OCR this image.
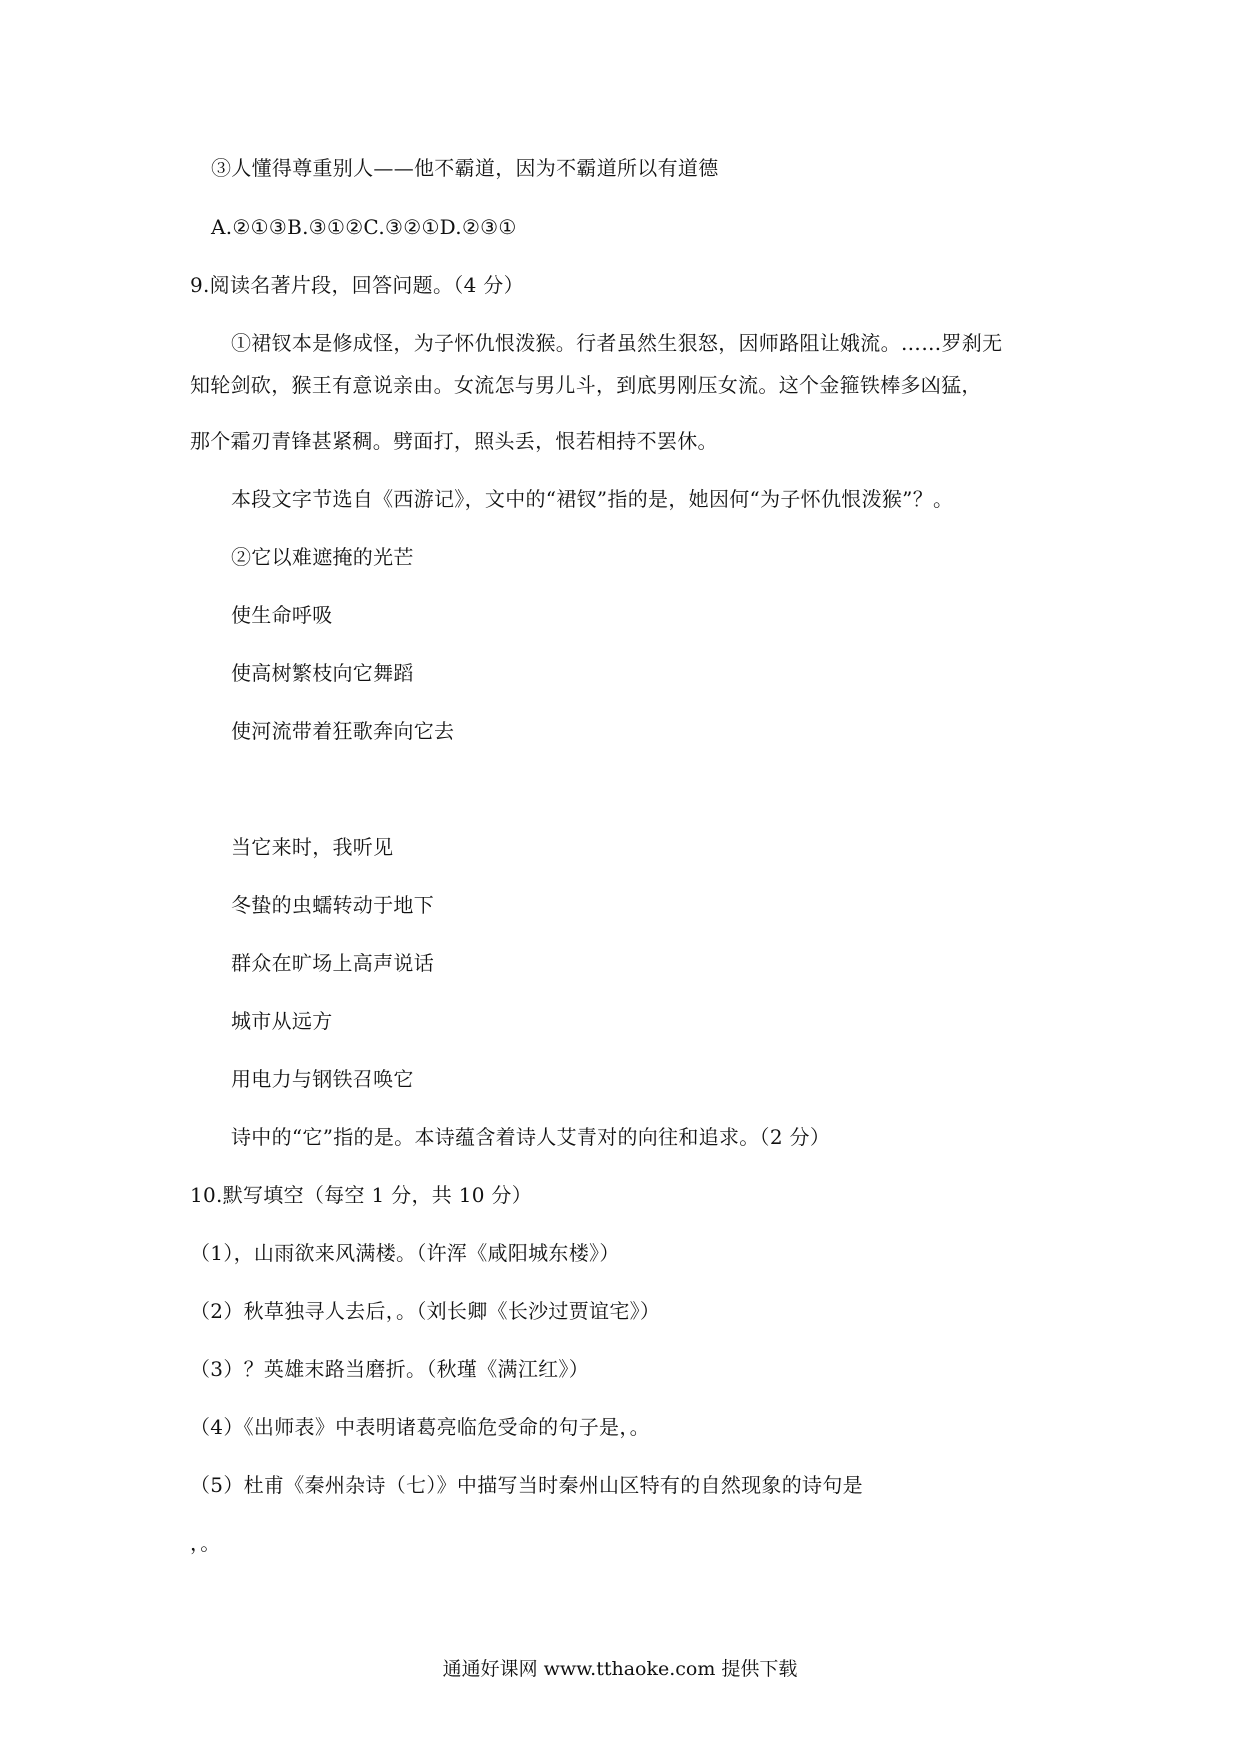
③人懂得尊重别人——他不霸道，因为不霸道所以有道德
A.②①③B.③①②C.③②①D.②③①
9.阅读名著片段，回答问题。（4 分）
①裙钗本是修成怪，为子怀仇恨泼猴。行者虽然生狠怒，因师路阻让娥流。……罗刹无
知轮剑砍，猴王有意说亲由。女流怎与男儿斗，到底男刚压女流。这个金箍铁棒多凶猛，
那个霜刃青锋甚紧稠。劈面打，照头丢，恨若相持不罢休。
本段文字节选自《西游记》，文中的“裙钗”指的是，她因何“为子怀仇恨泼猴”？。
②它以难遮掩的光芒
使生命呼吸
使高树繁枝向它舞蹈
使河流带着狂歌奔向它去
当它来时，我听见
冬蛰的虫蠕转动于地下
群众在旷场上高声说话
城市从远方
用电力与钢铁召唤它
诗中的“它”指的是。本诗蕴含着诗人艾青对的向往和追求。（2 分）
10.默写填空（每空 1 分，共 10 分）
（1），山雨欲来风满楼。（许浑《咸阳城东楼》）
（2）秋草独寻人去后，。（刘长卿《长沙过贾谊宅》）
（3）？英雄末路当磨折。（秋瑾《满江红》）
（4）《出师表》中表明诸葛亮临危受命的句子是，。
（5）杜甫《秦州杂诗（七）》中描写当时秦州山区特有的自然现象的诗句是
，。
通通好课网 www.tthaoke.com 提供下载
